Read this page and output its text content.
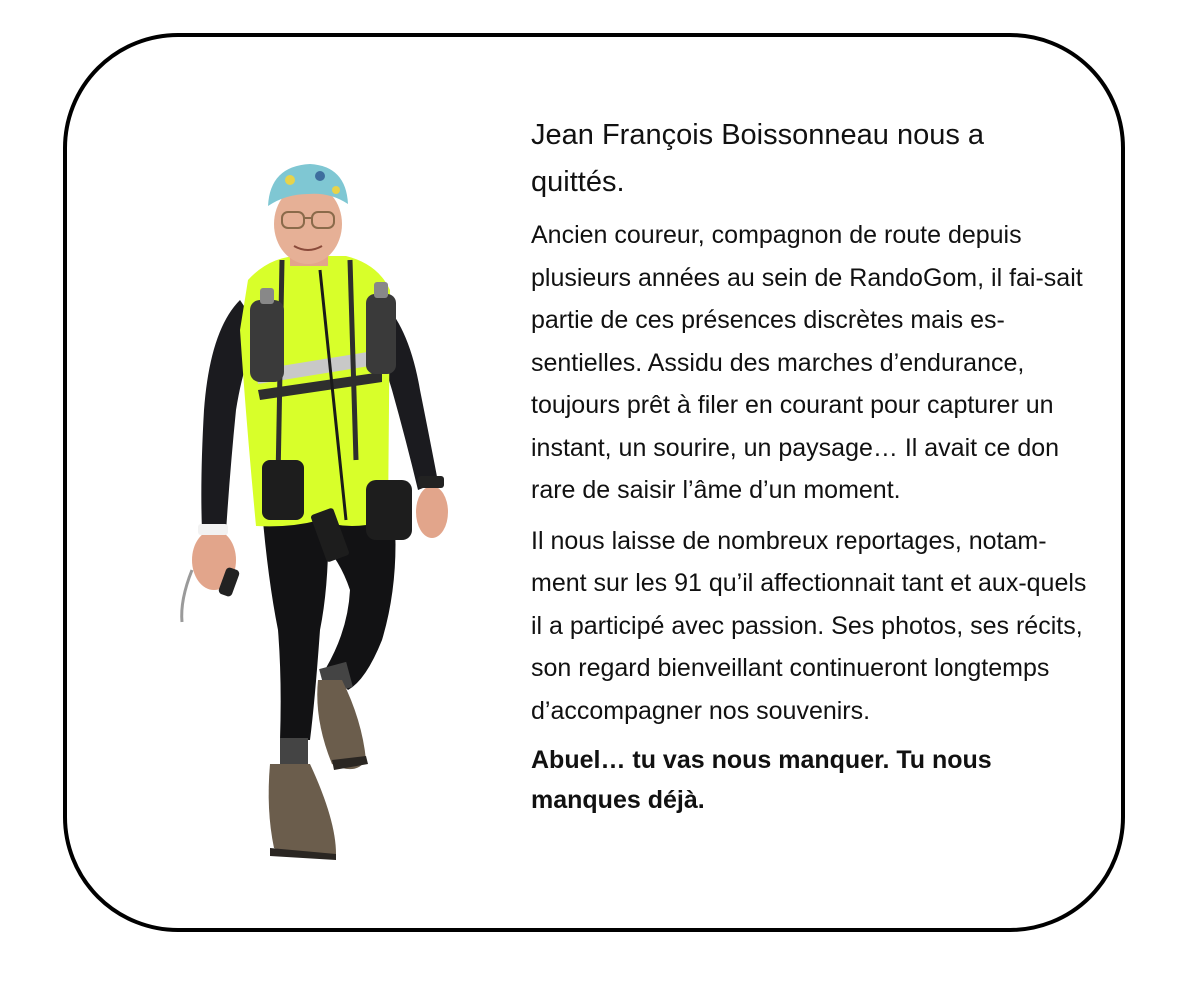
Jean François Boissonneau nous a quittés.

Ancien coureur, compagnon de route depuis plusieurs années au sein de RandoGom, il fai-sait partie de ces présences discrètes mais es-sentielles. Assidu des marches d’endurance, toujours prêt à filer en courant pour capturer un instant, un sourire, un paysage… Il avait ce don rare de saisir l’âme d’un moment.

Il nous laisse de nombreux reportages, notam-ment sur les 91 qu’il affectionnait tant et aux-quels il a participé avec passion. Ses photos, ses récits, son regard bienveillant continueront longtemps d’accompagner nos souvenirs.

Abuel… tu vas nous manquer. Tu nous manques déjà.
